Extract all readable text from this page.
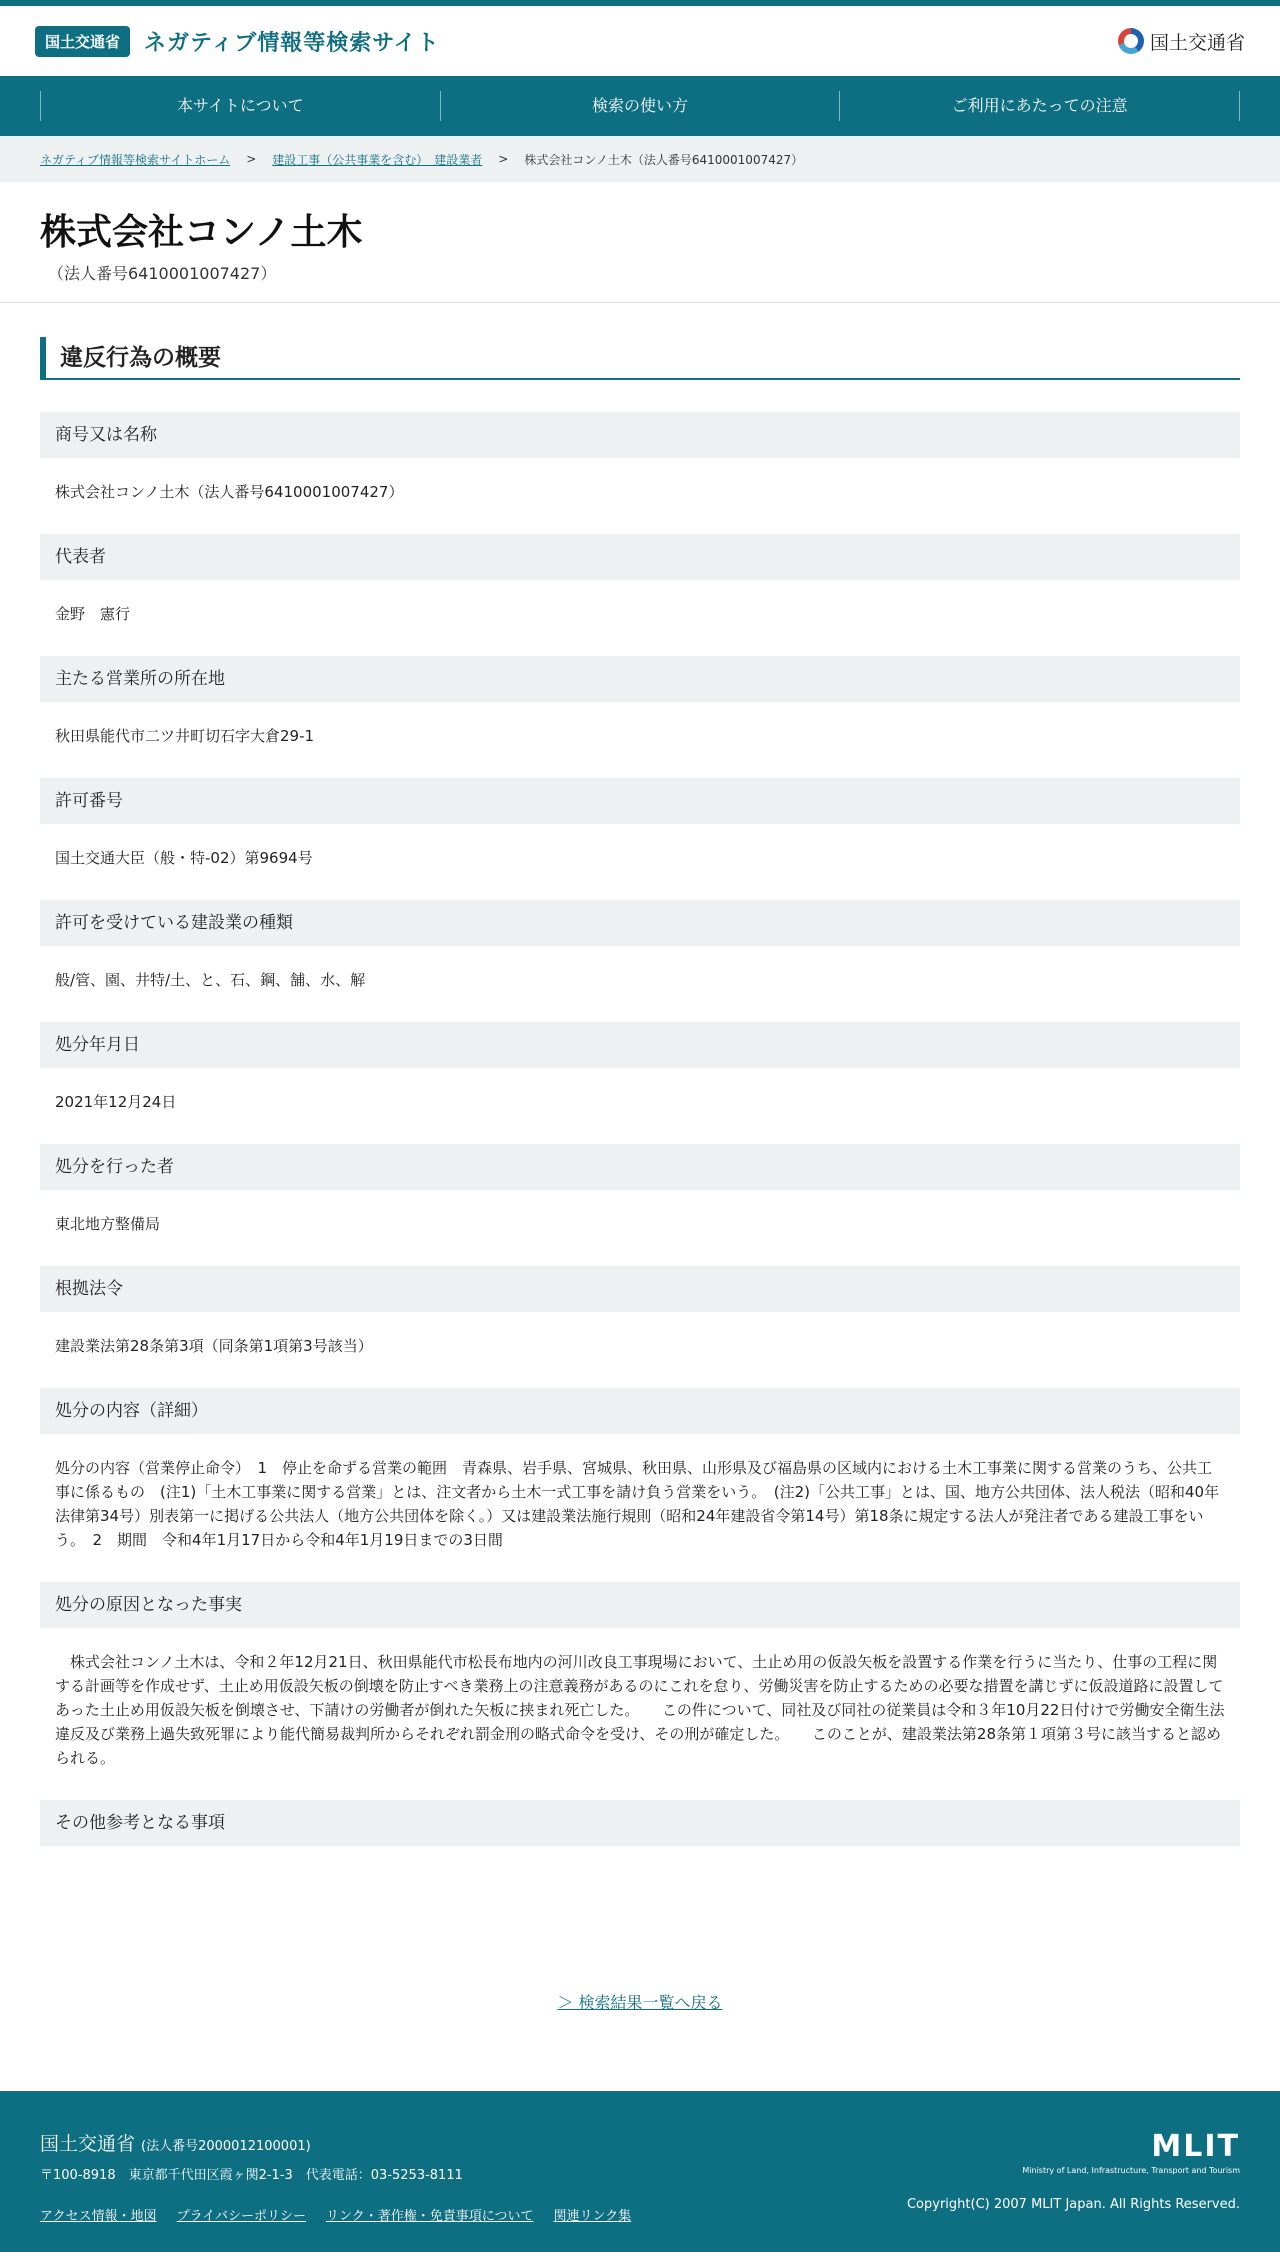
国土交通省	ネガティブ情報等検索サイト	国土交通省
本サイトについて	検索の使い方	ご利用にあたっての注意
ネガティブ情報等検索サイトホーム > 建設工事（公共事業を含む）　建設業者 > 株式会社コンノ土木（法人番号6410001007427）
株式会社コンノ土木
（法人番号6410001007427）
違反行為の概要
商号又は名称
株式会社コンノ土木（法人番号6410001007427）
代表者
金野　憲行
主たる営業所の所在地
秋田県能代市二ツ井町切石字大倉29-1
許可番号
国土交通大臣（般・特-02）第9694号
許可を受けている建設業の種類
般/管、園、井特/土、と、石、鋼、舗、水、解
処分年月日
2021年12月24日
処分を行った者
東北地方整備局
根拠法令
建設業法第28条第3項（同条第1項第3号該当）
処分の内容（詳細）
処分の内容（営業停止命令）　1　停止を命ずる営業の範囲　青森県、岩手県、宮城県、秋田県、山形県及び福島県の区域内における土木工事業に関する営業のうち、公共工事に係るもの　(注1)「土木工事業に関する営業」とは、注文者から土木一式工事を請け負う営業をいう。　(注2)「公共工事」とは、国、地方公共団体、法人税法（昭和40年法律第34号）別表第一に掲げる公共法人（地方公共団体を除く。）又は建設業法施行規則（昭和24年建設省令第14号）第18条に規定する法人が発注者である建設工事をいう。　2　期間　令和4年1月17日から令和4年1月19日までの3日間
処分の原因となった事実
　株式会社コンノ土木は、令和２年12月21日、秋田県能代市松長布地内の河川改良工事現場において、土止め用の仮設矢板を設置する作業を行うに当たり、仕事の工程に関する計画等を作成せず、土止め用仮設矢板の倒壊を防止すべき業務上の注意義務があるのにこれを怠り、労働災害を防止するための必要な措置を講じずに仮設道路に設置してあった土止め用仮設矢板を倒壊させ、下請けの労働者が倒れた矢板に挟まれ死亡した。　　この件について、同社及び同社の従業員は令和３年10月22日付けで労働安全衛生法違反及び業務上過失致死罪により能代簡易裁判所からそれぞれ罰金刑の略式命令を受け、その刑が確定した。　　このことが、建設業法第28条第１項第３号に該当すると認められる。
その他参考となる事項
＞ 検索結果一覧へ戻る
国土交通省 (法人番号2000012100001)
〒100-8918　東京都千代田区霞ヶ関2-1-3　代表電話：03-5253-8111
アクセス情報・地図 プライバシーポリシー リンク・著作権・免責事項について 関連リンク集
MLIT
Ministry of Land, Infrastructure, Transport and Tourism
Copyright(C) 2007 MLIT Japan. All Rights Reserved.
